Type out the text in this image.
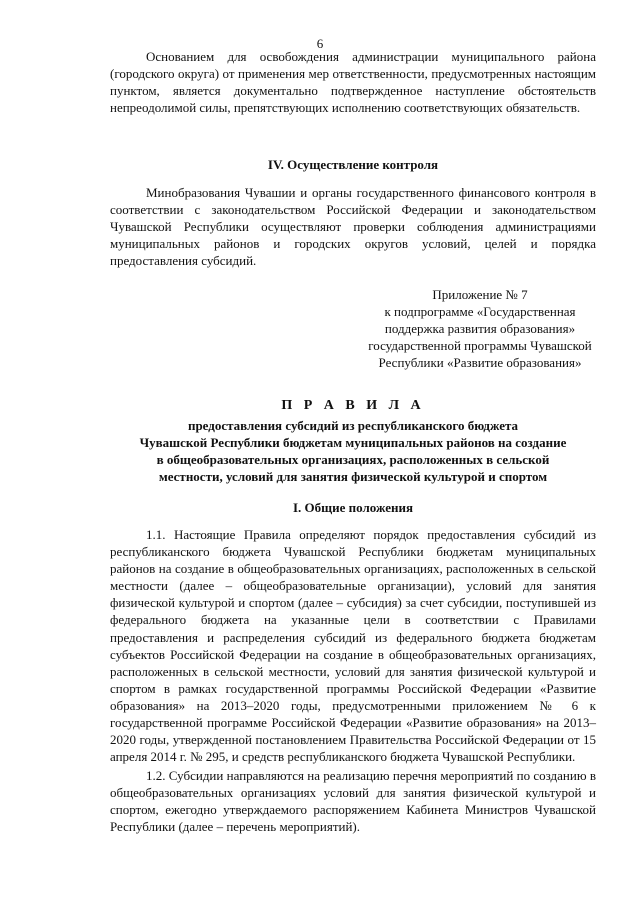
6

Основанием для освобождения администрации муниципального района (городского округа) от применения мер ответственности, предусмотренных настоящим пунктом, является документально подтвержденное наступление обстоятельств непреодолимой силы, препятствующих исполнению соответствующих обязательств.

IV. Осуществление контроля

Минобразования Чувашии и органы государственного финансового контроля в соответствии с законодательством Российской Федерации и законодательством Чувашской Республики осуществляют проверки соблюдения администрациями муниципальных районов и городских округов условий, целей и порядка предоставления субсидий.

Приложение № 7
к подпрограмме «Государственная
поддержка развития образования»
государственной программы Чувашской
Республики «Развитие образования»
П Р А В И Л А
предоставления субсидий из республиканского бюджета
Чувашской Республики бюджетам муниципальных районов на создание
в общеобразовательных организациях, расположенных в сельской
местности, условий для занятия физической культурой и спортом
I. Общие положения

1.1. Настоящие Правила определяют порядок предоставления субсидий из республиканского бюджета Чувашской Республики бюджетам муниципальных районов на создание в общеобразовательных организациях, расположенных в сельской местности (далее – общеобразовательные организации), условий для занятия физической культурой и спортом (далее – субсидия) за счет субсидии, поступившей из федерального бюджета на указанные цели в соответствии с Правилами предоставления и распределения субсидий из федерального бюджета бюджетам субъектов Российской Федерации на создание в общеобразовательных организациях, расположенных в сельской местности, условий для занятия физической культурой и спортом в рамках государственной программы Российской Федерации «Развитие образования» на 2013–2020 годы, предусмотренными приложением № 6 к государственной программе Российской Федерации «Развитие образования» на 2013–2020 годы, утвержденной постановлением Правительства Российской Федерации от 15 апреля 2014 г. № 295, и средств республиканского бюджета Чувашской Республики.

1.2. Субсидии направляются на реализацию перечня мероприятий по созданию в общеобразовательных организациях условий для занятия физической культурой и спортом, ежегодно утверждаемого распоряжением Кабинета Министров Чувашской Республики (далее – перечень мероприятий).
